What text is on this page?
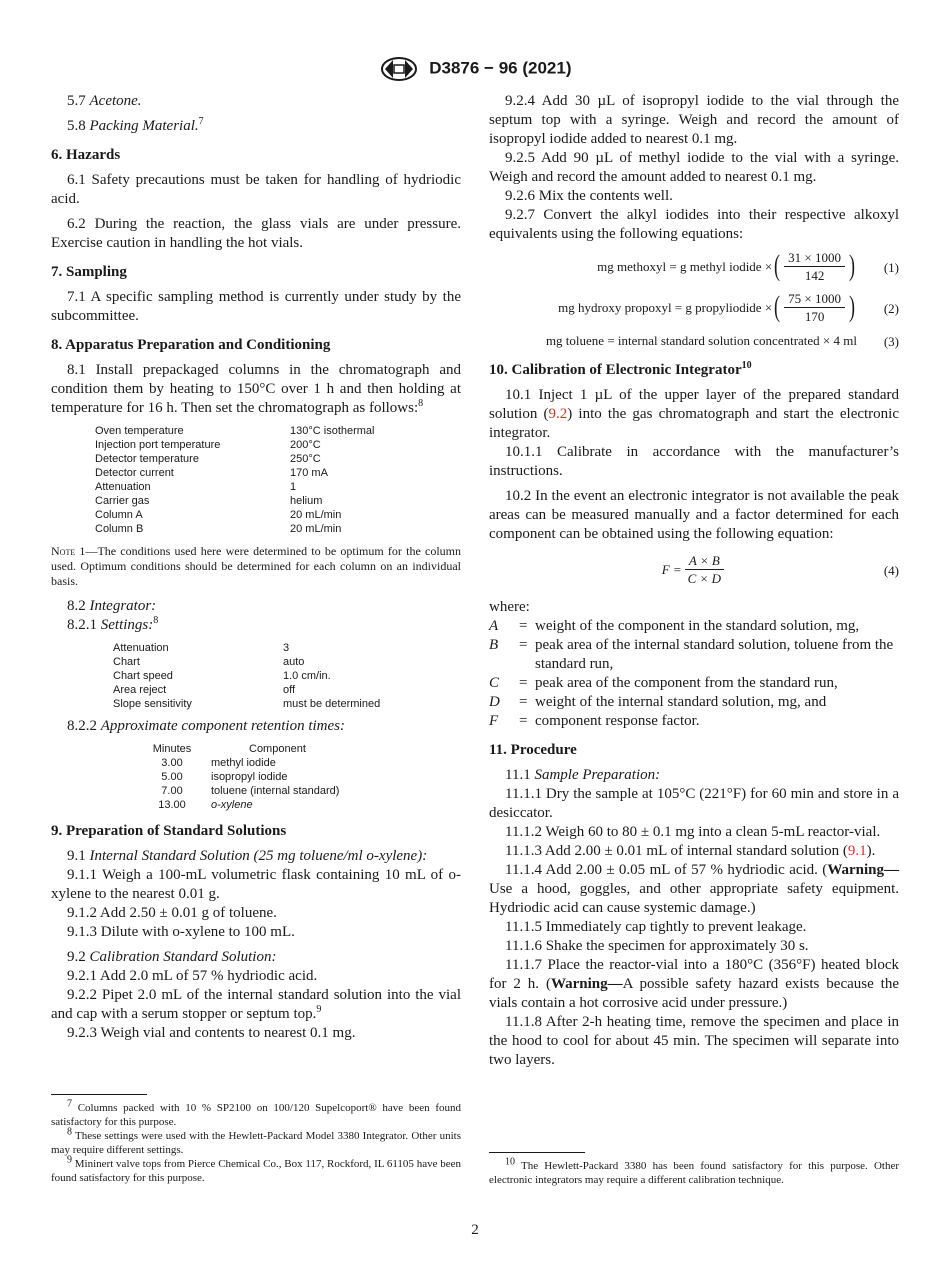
D3876 − 96 (2021)

5.7 Acetone.

5.8 Packing Material.$^7$

6. Hazards

6.1 Safety precautions must be taken for handling of hydriodic acid.

6.2 During the reaction, the glass vials are under pressure. Exercise caution in handling the hot vials.

7. Sampling

7.1 A specific sampling method is currently under study by the subcommittee.

8. Apparatus Preparation and Conditioning

8.1 Install prepackaged columns in the chromatograph and condition them by heating to 150°C over 1 h and then holding at temperature for 16 h. Then set the chromatograph as follows:$^8$

Oven temperature	130°C isothermal
Injection port temperature	200°C
Detector temperature	250°C
Detector current	170 mA
Attenuation	1
Carrier gas	helium
Column A	20 mL/min
Column B	20 mL/min

Note 1—The conditions used here were determined to be optimum for the column used. Optimum conditions should be determined for each column on an individual basis.

8.2 Integrator:

8.2.1 Settings:$^8$

Attenuation	3
Chart	auto
Chart speed	1.0 cm/in.
Area reject	off
Slope sensitivity	must be determined

8.2.2 Approximate component retention times:

Minutes		Component
3.00		methyl iodide
5.00		isopropyl iodide
7.00		toluene (internal standard)
13.00		o-xylene

9. Preparation of Standard Solutions

9.1 Internal Standard Solution (25 mg toluene/ml o-xylene):

9.1.1 Weigh a 100-mL volumetric flask containing 10 mL of o-xylene to the nearest 0.01 g.

9.1.2 Add 2.50 ± 0.01 g of toluene.

9.1.3 Dilute with o-xylene to 100 mL.

9.2 Calibration Standard Solution:

9.2.1 Add 2.0 mL of 57 % hydriodic acid.

9.2.2 Pipet 2.0 mL of the internal standard solution into the vial and cap with a serum stopper or septum top.$^9$

9.2.3 Weigh vial and contents to nearest 0.1 mg.

$^7$ Columns packed with 10 % SP2100 on 100/120 Supelcoport® have been found satisfactory for this purpose.

$^8$ These settings were used with the Hewlett-Packard Model 3380 Integrator. Other units may require different settings.

$^9$ Mininert valve tops from Pierce Chemical Co., Box 117, Rockford, IL 61105 have been found satisfactory for this purpose.

9.2.4 Add 30 µL of isopropyl iodide to the vial through the septum top with a syringe. Weigh and record the amount of isopropyl iodide added to nearest 0.1 mg.

9.2.5 Add 90 µL of methyl iodide to the vial with a syringe. Weigh and record the amount added to nearest 0.1 mg.

9.2.6 Mix the contents well.

9.2.7 Convert the alkyl iodides into their respective alkoxyl equivalents using the following equations:

mg methoxyl = g methyl iodide × ( $\frac{31 \times 1000}{142}$ ) (1)
mg hydroxy propoxyl = g propyliodide × ( $\frac{75 \times 1000}{170}$ ) (2)
mg toluene = internal standard solution concentrated × 4 ml (3)

10. Calibration of Electronic Integrator$^{10}$

10.1 Inject 1 µL of the upper layer of the prepared standard solution (9.2) into the gas chromatograph and start the electronic integrator.

10.1.1 Calibrate in accordance with the manufacturer’s instructions.

10.2 In the event an electronic integrator is not available the peak areas can be measured manually and a factor determined for each component can be obtained using the following equation:

$F = \frac{A \times B}{C \times D}$	(4)

where:

A	= weight of the component in the standard solution, mg,
B	= peak area of the internal standard solution, toluene from the standard run,
C	= peak area of the component from the standard run,
D	= weight of the internal standard solution, mg, and
F	= component response factor.

11. Procedure

11.1 Sample Preparation:

11.1.1 Dry the sample at 105°C (221°F) for 60 min and store in a desiccator.

11.1.2 Weigh 60 to 80 ± 0.1 mg into a clean 5-mL reactor-vial.

11.1.3 Add 2.00 ± 0.01 mL of internal standard solution (9.1).

11.1.4 Add 2.00 ± 0.05 mL of 57 % hydriodic acid. (Warning—Use a hood, goggles, and other appropriate safety equipment. Hydriodic acid can cause systemic damage.)

11.1.5 Immediately cap tightly to prevent leakage.

11.1.6 Shake the specimen for approximately 30 s.

11.1.7 Place the reactor-vial into a 180°C (356°F) heated block for 2 h. (Warning—A possible safety hazard exists because the vials contain a hot corrosive acid under pressure.)

11.1.8 After 2-h heating time, remove the specimen and place in the hood to cool for about 45 min. The specimen will separate into two layers.

$^{10}$ The Hewlett-Packard 3380 has been found satisfactory for this purpose. Other electronic integrators may require a different calibration technique.

2
